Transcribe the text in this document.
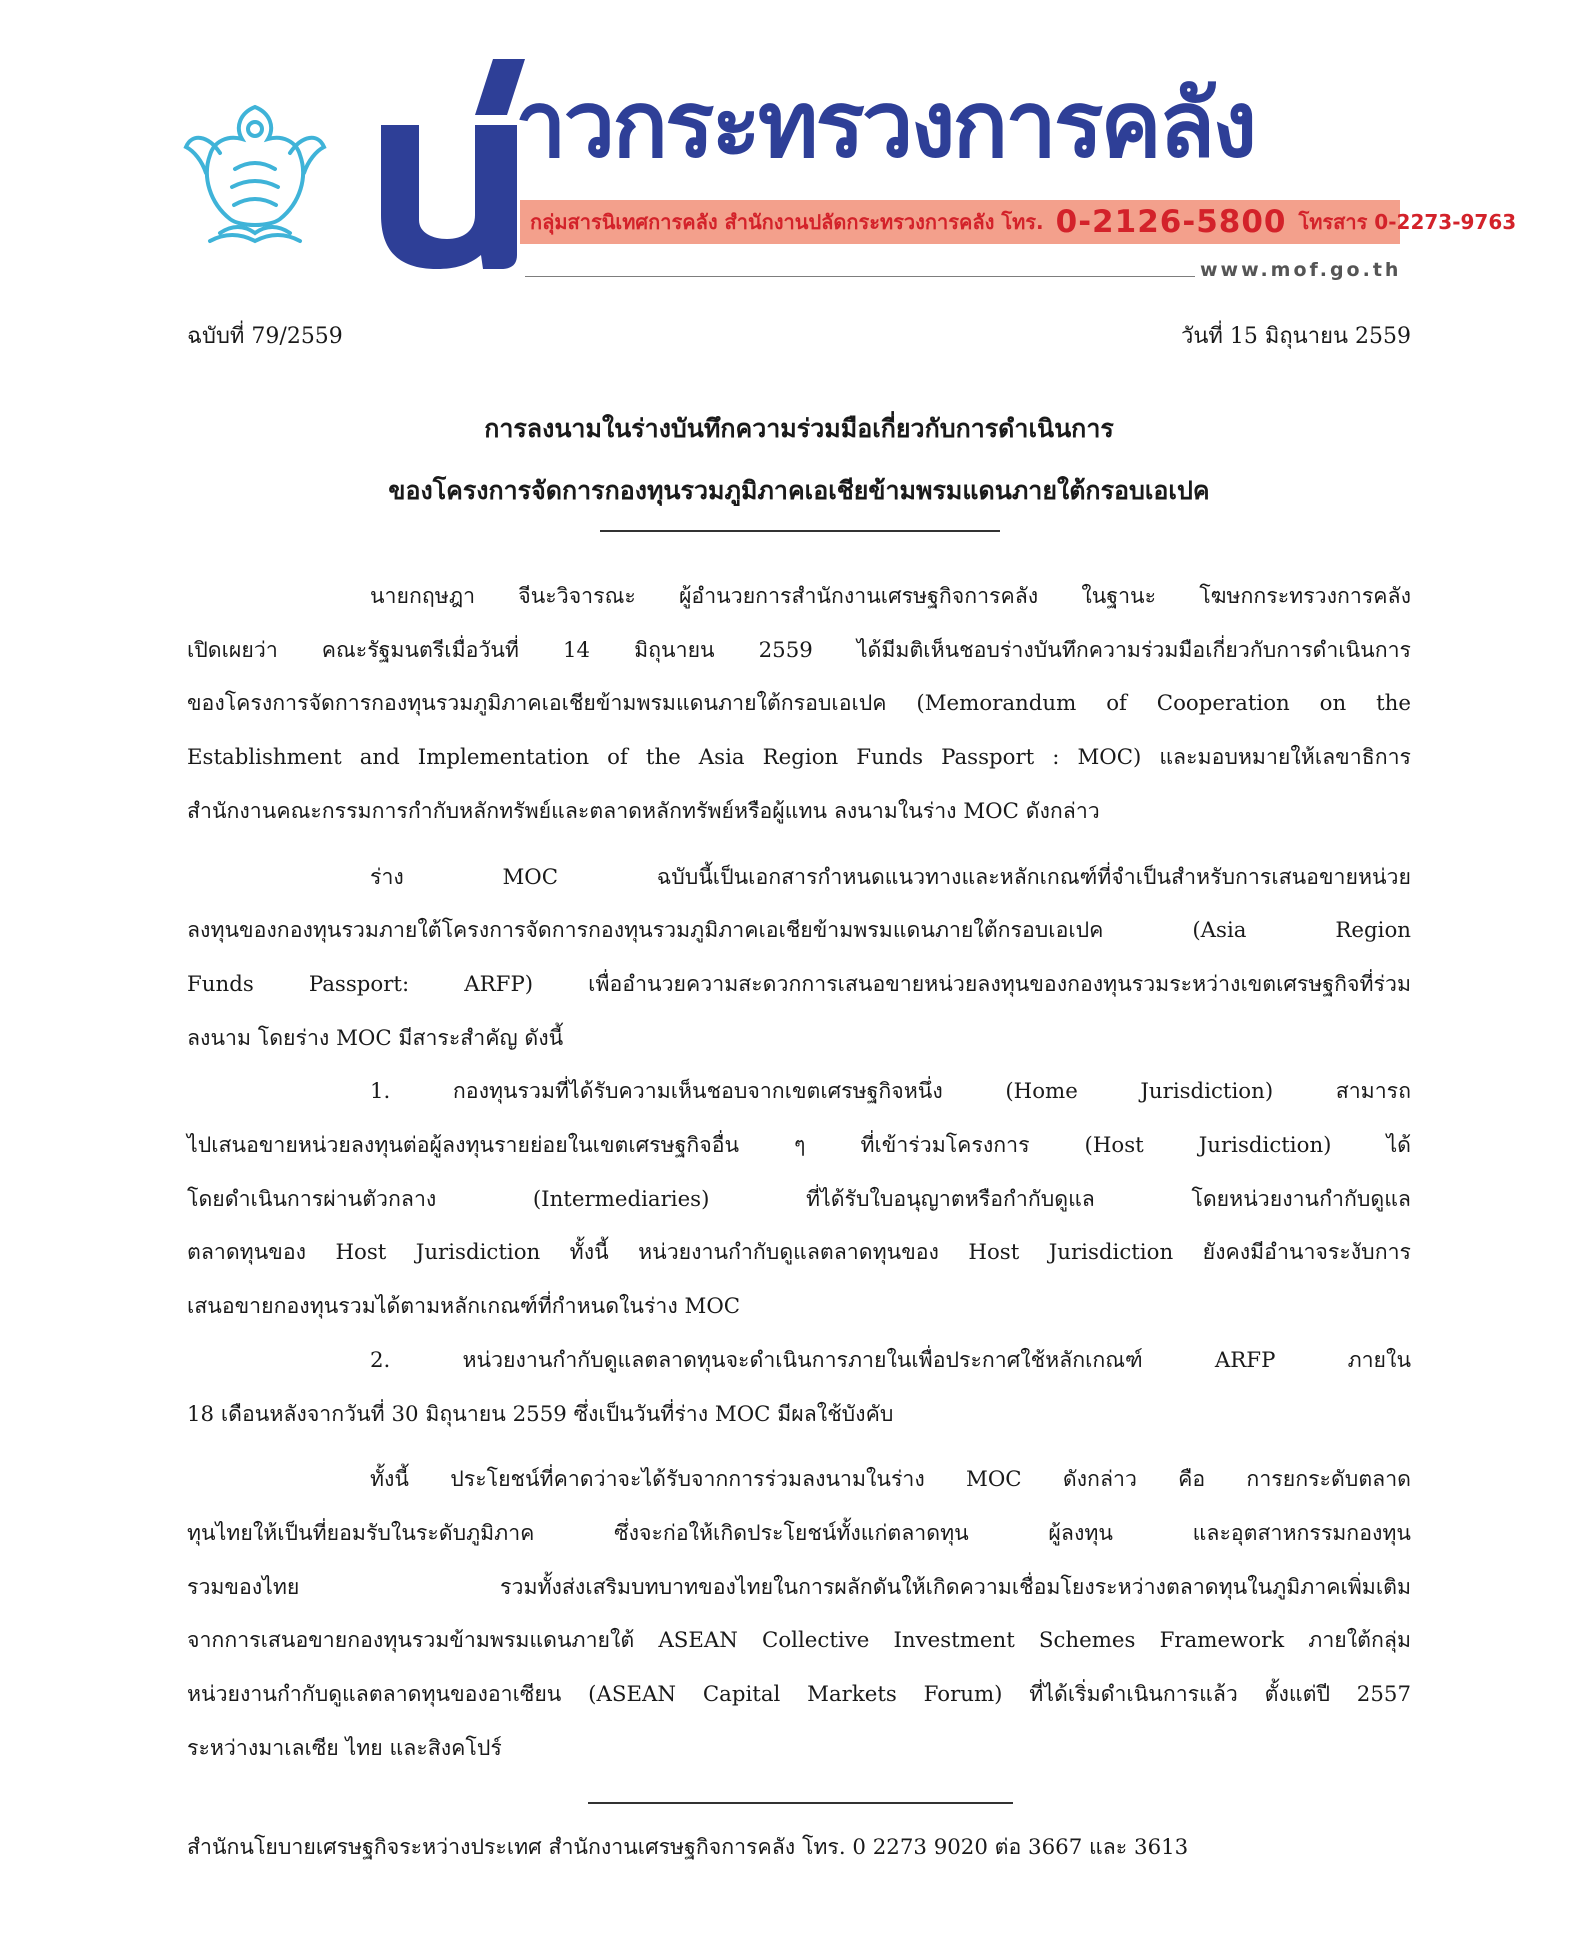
าวกระทรวงการคลัง
กลุ่มสารนิเทศการคลัง สำนักงานปลัดกระทรวงการคลัง โทร. 0-2126-5800 โทรสาร 0-2273-9763
www.mof.go.th
ฉบับที่ 79/2559	วันที่ 15 มิถุนายน 2559
การลงนามในร่างบันทึกความร่วมมือเกี่ยวกับการดำเนินการ
ของโครงการจัดการกองทุนรวมภูมิภาคเอเชียข้ามพรมแดนภายใต้กรอบเอเปค

นายกฤษฎา จีนะวิจารณะ ผู้อำนวยการสำนักงานเศรษฐกิจการคลัง ในฐานะ โฆษกกระทรวงการคลัง

เปิดเผยว่า คณะรัฐมนตรีเมื่อวันที่ 14 มิถุนายน 2559 ได้มีมติเห็นชอบร่างบันทึกความร่วมมือเกี่ยวกับการดำเนินการ

ของโครงการจัดการกองทุนรวมภูมิภาคเอเชียข้ามพรมแดนภายใต้กรอบเอเปค (Memorandum of Cooperation on the

Establishment and Implementation of the Asia Region Funds Passport : MOC) และมอบหมายให้เลขาธิการ

สำนักงานคณะกรรมการกำกับหลักทรัพย์และตลาดหลักทรัพย์หรือผู้แทน ลงนามในร่าง MOC ดังกล่าว

ร่าง MOC ฉบับนี้เป็นเอกสารกำหนดแนวทางและหลักเกณฑ์ที่จำเป็นสำหรับการเสนอขายหน่วย

ลงทุนของกองทุนรวมภายใต้โครงการจัดการกองทุนรวมภูมิภาคเอเชียข้ามพรมแดนภายใต้กรอบเอเปค (Asia Region

Funds Passport: ARFP) เพื่ออำนวยความสะดวกการเสนอขายหน่วยลงทุนของกองทุนรวมระหว่างเขตเศรษฐกิจที่ร่วม

ลงนาม โดยร่าง MOC มีสาระสำคัญ ดังนี้

1. กองทุนรวมที่ได้รับความเห็นชอบจากเขตเศรษฐกิจหนึ่ง (Home Jurisdiction) สามารถ

ไปเสนอขายหน่วยลงทุนต่อผู้ลงทุนรายย่อยในเขตเศรษฐกิจอื่น ๆ ที่เข้าร่วมโครงการ (Host Jurisdiction) ได้

โดยดำเนินการผ่านตัวกลาง (Intermediaries) ที่ได้รับใบอนุญาตหรือกำกับดูแล โดยหน่วยงานกำกับดูแล

ตลาดทุนของ Host Jurisdiction ทั้งนี้ หน่วยงานกำกับดูแลตลาดทุนของ Host Jurisdiction ยังคงมีอำนาจระงับการ

เสนอขายกองทุนรวมได้ตามหลักเกณฑ์ที่กำหนดในร่าง MOC

2. หน่วยงานกำกับดูแลตลาดทุนจะดำเนินการภายในเพื่อประกาศใช้หลักเกณฑ์ ARFP ภายใน

18 เดือนหลังจากวันที่ 30 มิถุนายน 2559 ซึ่งเป็นวันที่ร่าง MOC มีผลใช้บังคับ

ทั้งนี้ ประโยชน์ที่คาดว่าจะได้รับจากการร่วมลงนามในร่าง MOC ดังกล่าว คือ การยกระดับตลาด

ทุนไทยให้เป็นที่ยอมรับในระดับภูมิภาค ซึ่งจะก่อให้เกิดประโยชน์ทั้งแก่ตลาดทุน ผู้ลงทุน และอุตสาหกรรมกองทุน

รวมของไทย รวมทั้งส่งเสริมบทบาทของไทยในการผลักดันให้เกิดความเชื่อมโยงระหว่างตลาดทุนในภูมิภาคเพิ่มเติม

จากการเสนอขายกองทุนรวมข้ามพรมแดนภายใต้ ASEAN Collective Investment Schemes Framework ภายใต้กลุ่ม

หน่วยงานกำกับดูแลตลาดทุนของอาเซียน (ASEAN Capital Markets Forum) ที่ได้เริ่มดำเนินการแล้ว ตั้งแต่ปี 2557

ระหว่างมาเลเซีย ไทย และสิงคโปร์

สำนักนโยบายเศรษฐกิจระหว่างประเทศ สำนักงานเศรษฐกิจการคลัง โทร. 0 2273 9020 ต่อ 3667 และ 3613
